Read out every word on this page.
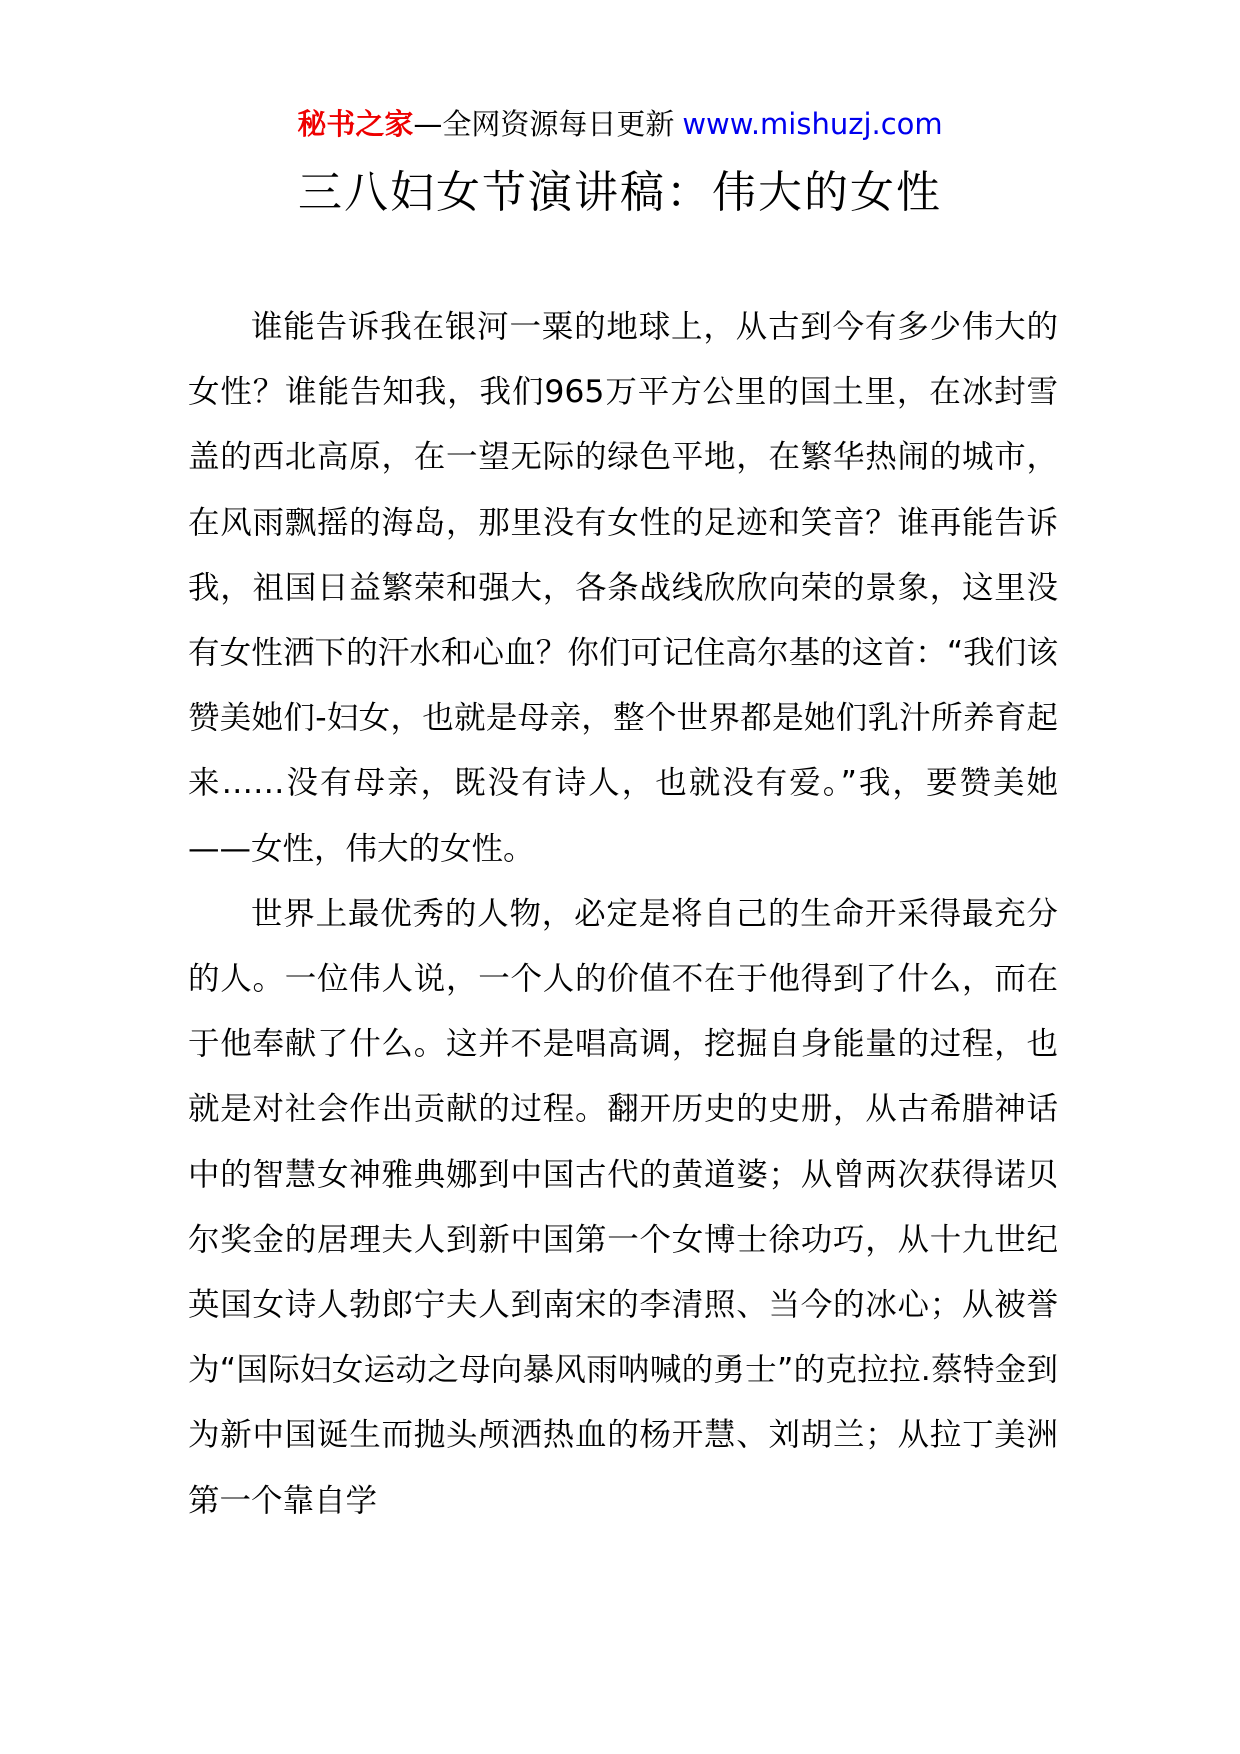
秘书之家—全网资源每日更新 www.mishuzj.com
三八妇女节演讲稿：伟大的女性

谁能告诉我在银河一粟的地球上，从古到今有多少伟大的女性？谁能告知我，我们965万平方公里的国土里，在冰封雪盖的西北高原，在一望无际的绿色平地，在繁华热闹的城市，在风雨飘摇的海岛，那里没有女性的足迹和笑音？谁再能告诉我，祖国日益繁荣和强大，各条战线欣欣向荣的景象，这里没有女性洒下的汗水和心血？你们可记住高尔基的这首：“我们该赞美她们-妇女，也就是母亲，整个世界都是她们乳汁所养育起来……没有母亲，既没有诗人，也就没有爱。”我，要赞美她——女性，伟大的女性。

世界上最优秀的人物，必定是将自己的生命开采得最充分的人。一位伟人说，一个人的价值不在于他得到了什么，而在于他奉献了什么。这并不是唱高调，挖掘自身能量的过程，也就是对社会作出贡献的过程。翻开历史的史册，从古希腊神话中的智慧女神雅典娜到中国古代的黄道婆；从曾两次获得诺贝尔奖金的居理夫人到新中国第一个女博士徐功巧，从十九世纪英国女诗人勃郎宁夫人到南宋的李清照、当今的冰心；从被誉为“国际妇女运动之母向暴风雨呐喊的勇士”的克拉拉.蔡特金到为新中国诞生而抛头颅洒热血的杨开慧、刘胡兰；从拉丁美洲第一个靠自学
